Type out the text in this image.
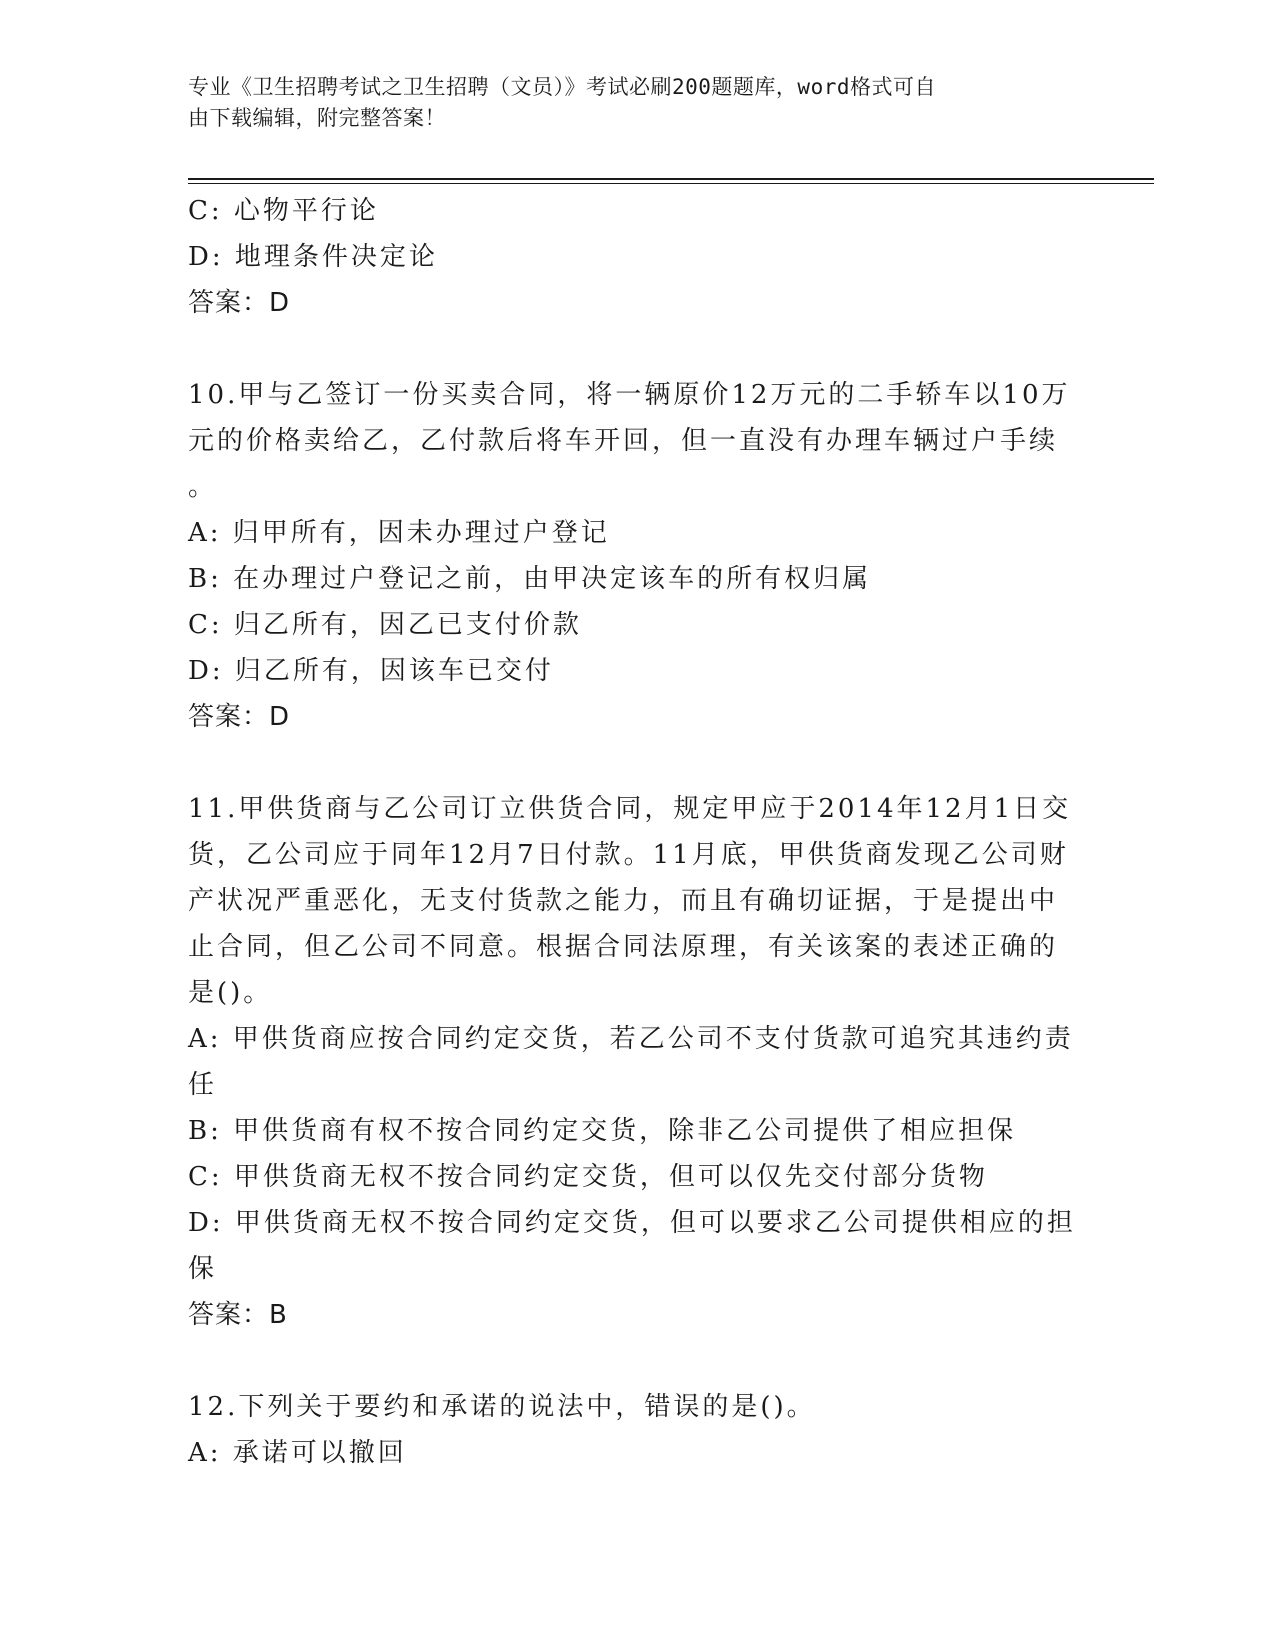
专业《卫生招聘考试之卫生招聘（文员）》考试必刷200题题库，word格式可自
由下载编辑，附完整答案！
C: 心物平行论
D: 地理条件决定论
答案：D
10.甲与乙签订一份买卖合同，将一辆原价12万元的二手轿车以10万
元的价格卖给乙，乙付款后将车开回，但一直没有办理车辆过户手续
。
A: 归甲所有，因未办理过户登记
B: 在办理过户登记之前，由甲决定该车的所有权归属
C: 归乙所有，因乙已支付价款
D: 归乙所有，因该车已交付
答案：D
11.甲供货商与乙公司订立供货合同，规定甲应于2014年12月1日交
货，乙公司应于同年12月7日付款。11月底，甲供货商发现乙公司财
产状况严重恶化，无支付货款之能力，而且有确切证据，于是提出中
止合同，但乙公司不同意。根据合同法原理，有关该案的表述正确的
是()。
A: 甲供货商应按合同约定交货，若乙公司不支付货款可追究其违约责
任
B: 甲供货商有权不按合同约定交货，除非乙公司提供了相应担保
C: 甲供货商无权不按合同约定交货，但可以仅先交付部分货物
D: 甲供货商无权不按合同约定交货，但可以要求乙公司提供相应的担
保
答案：B
12.下列关于要约和承诺的说法中，错误的是()。
A: 承诺可以撤回
